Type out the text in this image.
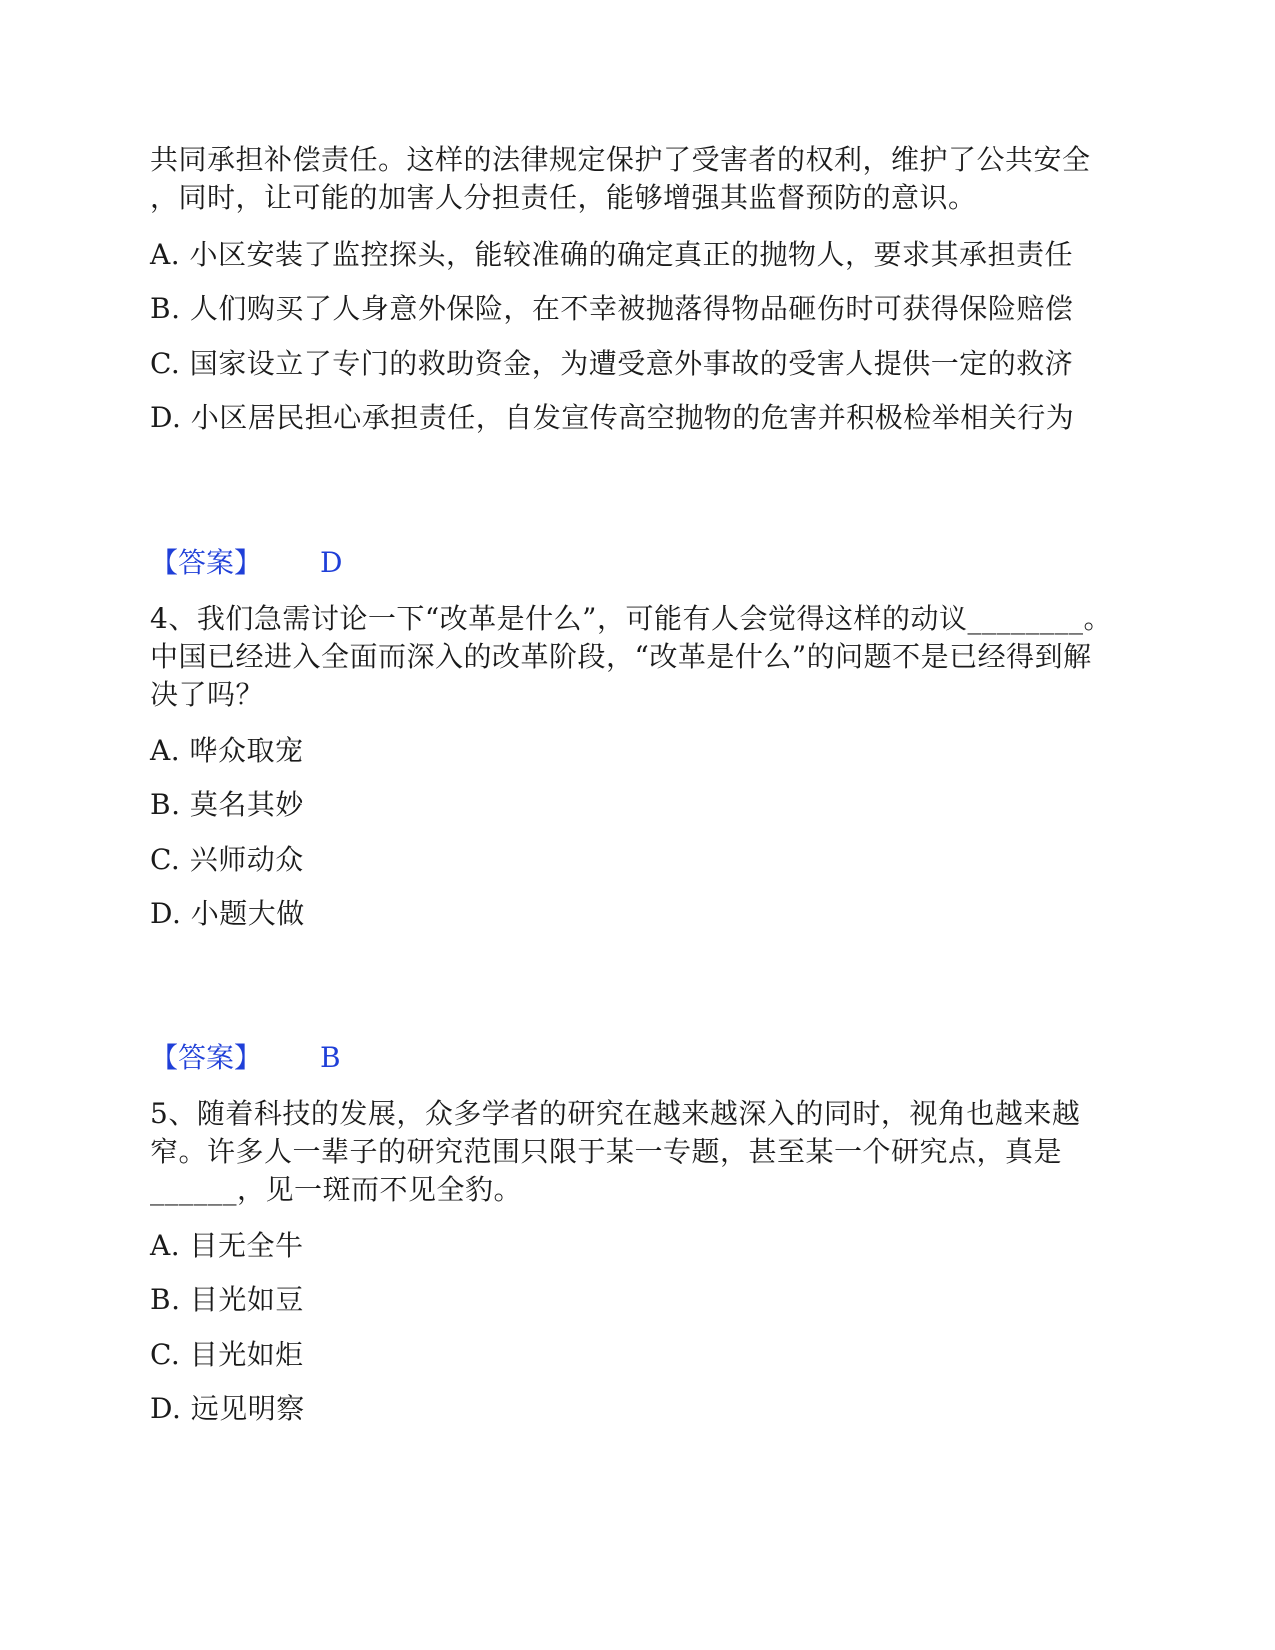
共同承担补偿责任。这样的法律规定保护了受害者的权利，维护了公共安全
，同时，让可能的加害人分担责任，能够增强其监督预防的意识。
A. 小区安装了监控探头，能较准确的确定真正的抛物人，要求其承担责任
B. 人们购买了人身意外保险，在不幸被抛落得物品砸伤时可获得保险赔偿
C. 国家设立了专门的救助资金，为遭受意外事故的受害人提供一定的救济
D. 小区居民担心承担责任，自发宣传高空抛物的危害并积极检举相关行为
【答案】 D
4、我们急需讨论一下“改革是什么”，可能有人会觉得这样的动议________。
中国已经进入全面而深入的改革阶段，“改革是什么”的问题不是已经得到解
决了吗？
A. 哗众取宠
B. 莫名其妙
C. 兴师动众
D. 小题大做
【答案】 B
5、随着科技的发展，众多学者的研究在越来越深入的同时，视角也越来越
窄。许多人一辈子的研究范围只限于某一专题，甚至某一个研究点，真是
______，见一斑而不见全豹。
A. 目无全牛
B. 目光如豆
C. 目光如炬
D. 远见明察
